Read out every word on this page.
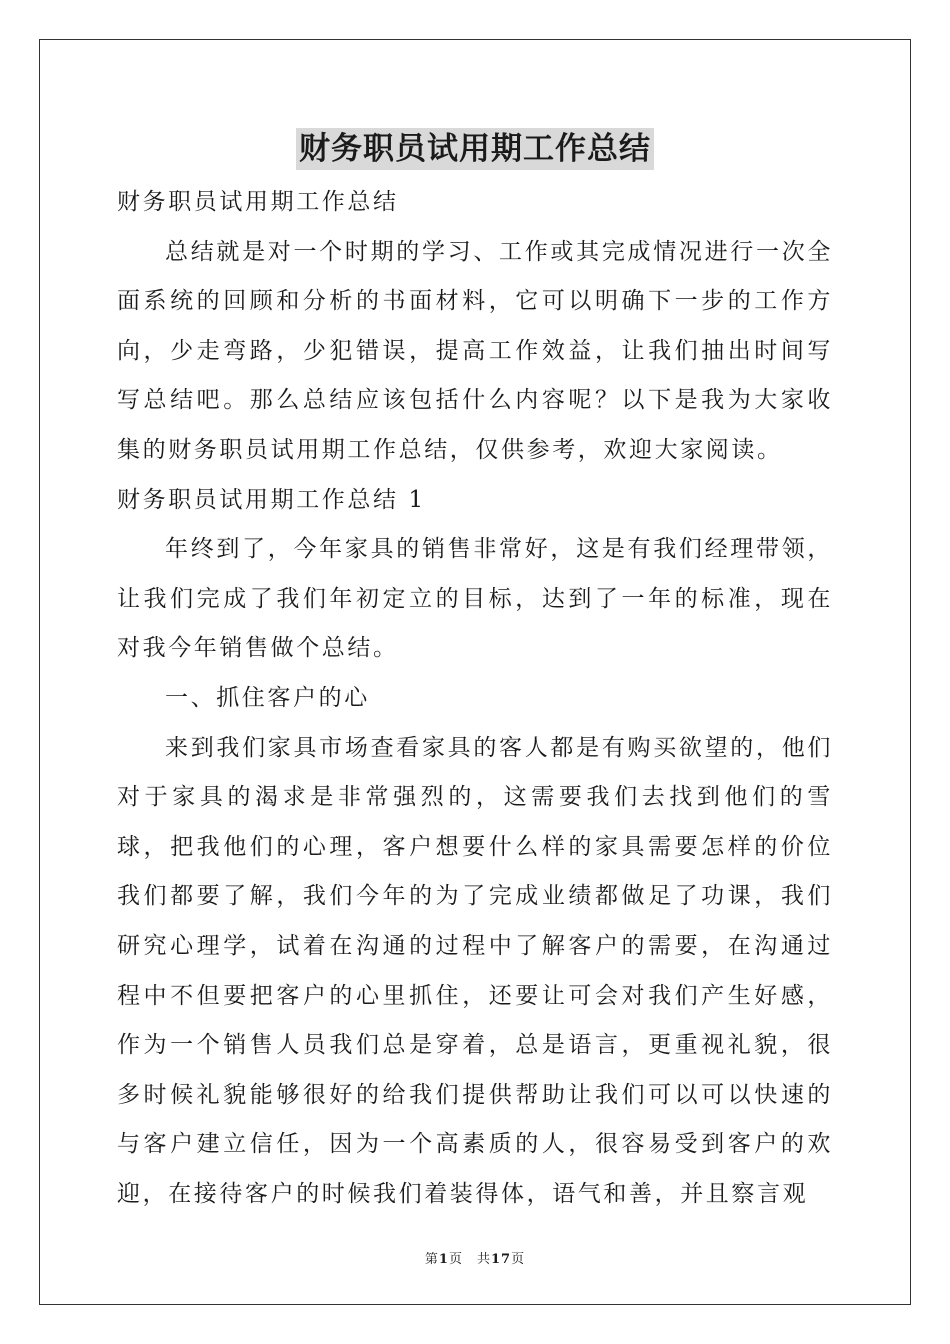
财务职员试用期工作总结

财务职员试用期工作总结

总结就是对一个时期的学习、工作或其完成情况进行一次全面系统的回顾和分析的书面材料，它可以明确下一步的工作方向，少走弯路，少犯错误，提高工作效益，让我们抽出时间写写总结吧。那么总结应该包括什么内容呢？以下是我为大家收集的财务职员试用期工作总结，仅供参考，欢迎大家阅读。

财务职员试用期工作总结 1

年终到了，今年家具的销售非常好，这是有我们经理带领，让我们完成了我们年初定立的目标，达到了一年的标准，现在对我今年销售做个总结。

一、抓住客户的心

来到我们家具市场查看家具的客人都是有购买欲望的，他们对于家具的渴求是非常强烈的，这需要我们去找到他们的雪球，把我他们的心理，客户想要什么样的家具需要怎样的价位我们都要了解，我们今年的为了完成业绩都做足了功课，我们研究心理学，试着在沟通的过程中了解客户的需要，在沟通过程中不但要把客户的心里抓住，还要让可会对我们产生好感，作为一个销售人员我们总是穿着，总是语言，更重视礼貌，很多时候礼貌能够很好的给我们提供帮助让我们可以可以快速的与客户建立信任，因为一个高素质的人，很容易受到客户的欢迎，在接待客户的时候我们着装得体，语气和善，并且察言观

第1页　共17页
